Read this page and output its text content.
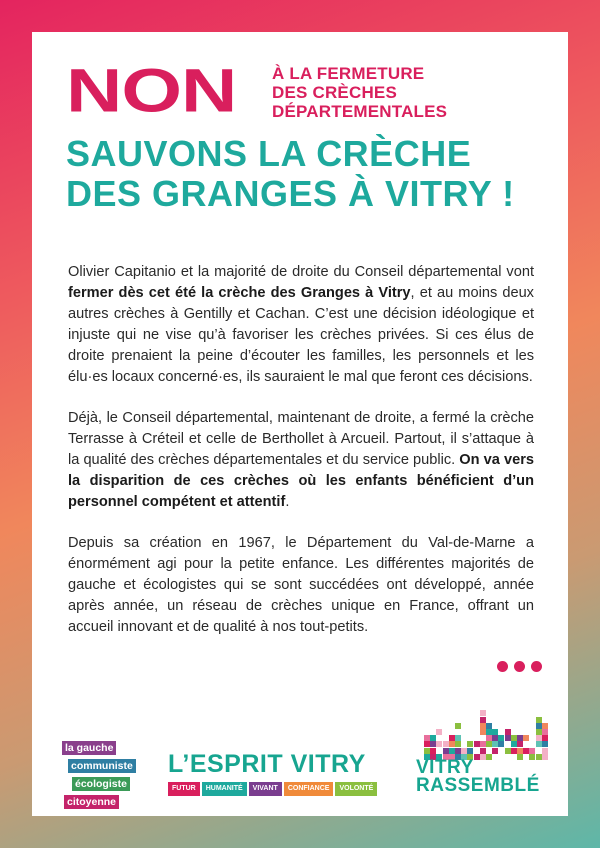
NON À LA FERMETURE
DES CRÈCHES
DÉPARTEMENTALES
SAUVONS LA CRÈCHE
DES GRANGES À VITRY !

Olivier Capitanio et la majorité de droite du Conseil départemental vont fermer dès cet été la crèche des Granges à Vitry, et au moins deux autres crèches à Gentilly et Cachan. C’est une décision idéologique et injuste qui ne vise qu’à favoriser les crèches privées. Si ces élus de droite prenaient la peine d’écouter les familles, les personnels et les élu·es locaux concerné·es, ils sauraient le mal que feront ces décisions.

Déjà, le Conseil départemental, maintenant de droite, a fermé la crèche Terrasse à Créteil et celle de Berthollet à Arcueil. Partout, il s’attaque à la qualité des crèches départementales et du service public. On va vers la disparition de ces crèches où les enfants bénéficient d’un personnel compétent et attentif.

Depuis sa création en 1967, le Département du Val-de-Marne a énormément agi pour la petite enfance. Les différentes majorités de gauche et écologistes qui se sont succédées ont développé, année après année, un réseau de crèches unique en France, offrant un accueil innovant et de qualité à nos tout-petits.

la gauche
communiste
écologiste
citoyenne
L’ESPRIT VITRY
FUTUR	HUMANITÉ	VIVANT	CONFIANCE	VOLONTÉ
VITRY
RASSEMBLÉ
